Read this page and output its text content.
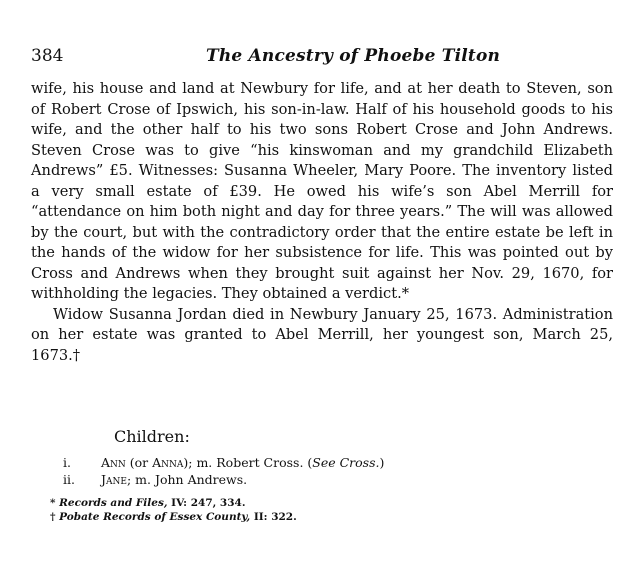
384	The Ancestry of Phoebe Tilton

wife, his house and land at Newbury for life, and at her death to Steven, son of Robert Crose of Ipswich, his son-in-law. Half of his household goods to his wife, and the other half to his two sons Robert Crose and John Andrews. Steven Crose was to give “his kinswoman and my grandchild Elizabeth Andrews” £5. Witnesses: Susanna Wheeler, Mary Poore. The inventory listed a very small estate of £39. He owed his wife’s son Abel Merrill for “attendance on him both night and day for three years.” The will was allowed by the court, but with the contradictory order that the entire estate be left in the hands of the widow for her subsistence for life. This was pointed out by Cross and Andrews when they brought suit against her Nov. 29, 1670, for withholding the legacies. They obtained a verdict.*

Widow Susanna Jordan died in Newbury January 25, 1673. Administration on her estate was granted to Abel Merrill, her youngest son, March 25, 1673.†

Children:
i. Ann (or Anna); m. Robert Cross. (See Cross.)
ii. Jane; m. John Andrews.
* Records and Files, IV: 247, 334.
† Pobate Records of Essex County, II: 322.
